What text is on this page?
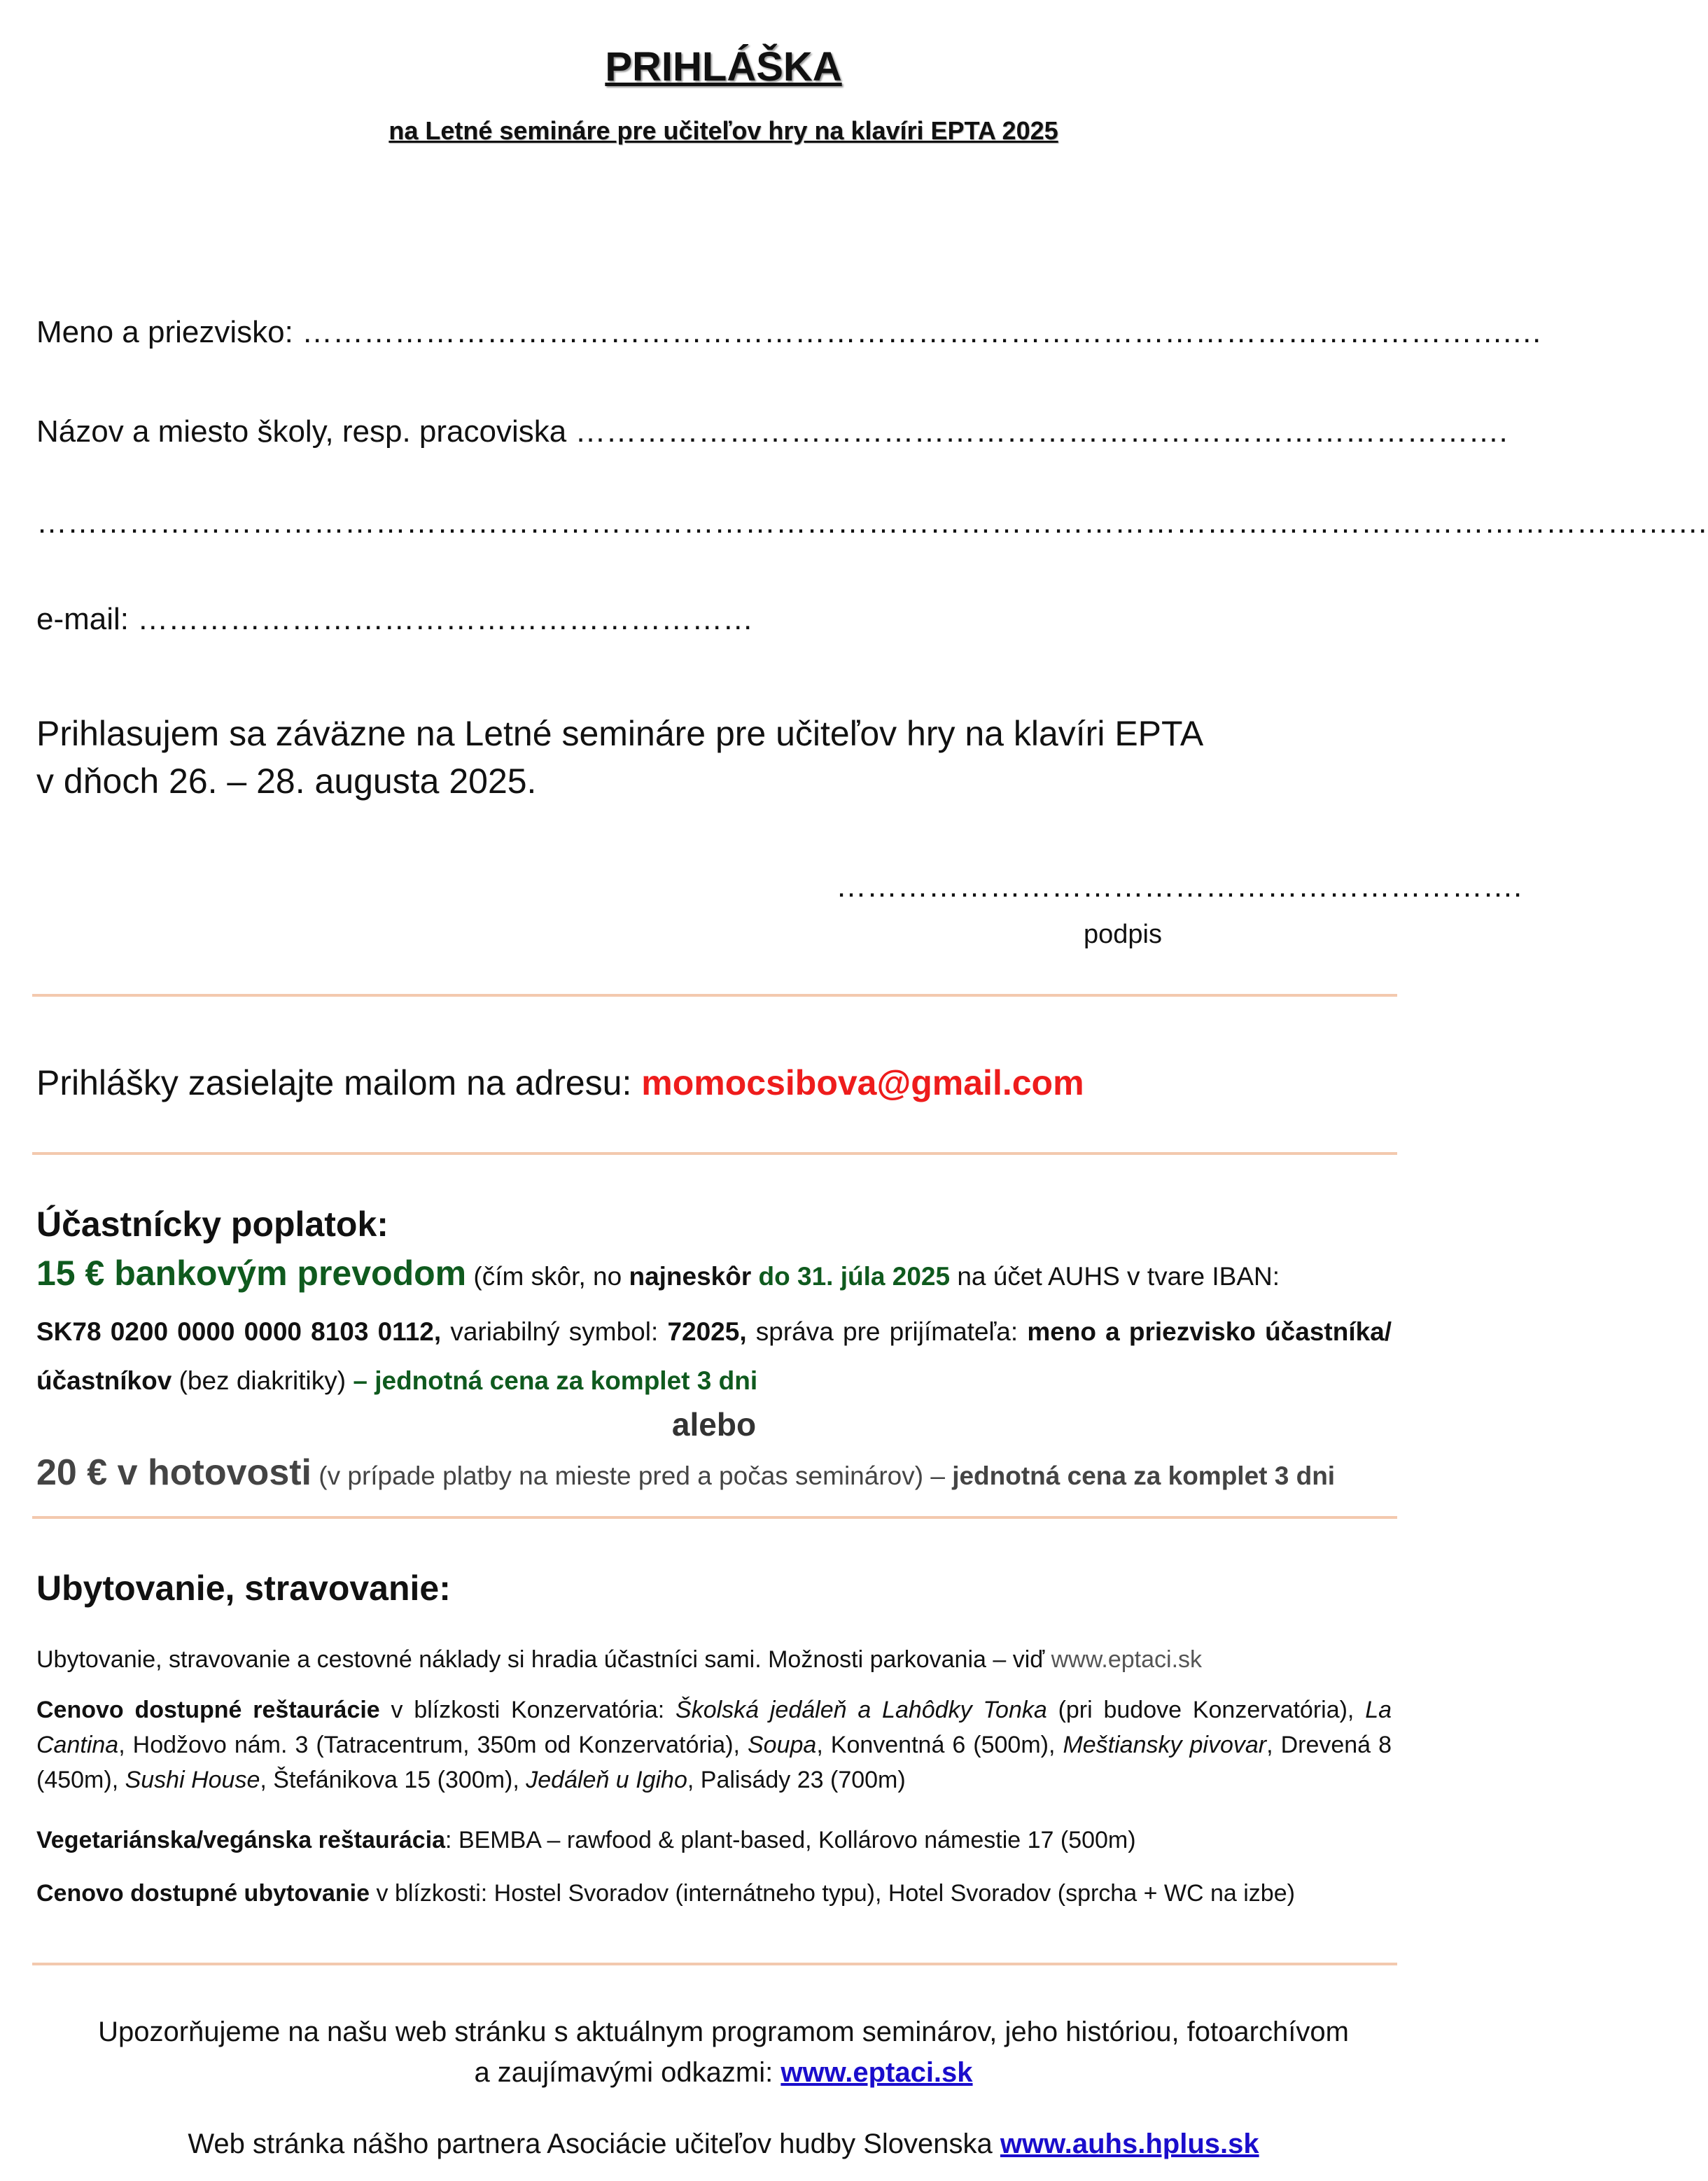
PRIHLÁŠKA
na Letné semináre pre učiteľov hry na klavíri EPTA 2025
Meno a priezvisko: ……………………………………………………………………………………………………….…
Názov a miesto školy, resp. pracoviska ……………………………………………………………………………….
…………………………………………………………………………………………………………………………………………….…
e-mail: ……………………………………………………
Prihlasujem sa záväzne na Letné semináre pre učiteľov hry na klavíri EPTA
v dňoch 26. – 28. augusta 2025.
………………………………………………………….
podpis
Prihlášky zasielajte mailom na adresu: momocsibova@gmail.com
Účastnícky poplatok:
15 € bankovým prevodom (čím skôr, no najneskôr do 31. júla 2025 na účet AUHS v tvare IBAN:
SK78 0200 0000 0000 8103 0112, variabilný symbol: 72025, správa pre prijímateľa: meno a priezvisko účastníka/účastníkov (bez diakritiky) – jednotná cena za komplet 3 dni
alebo
20 € v hotovosti (v prípade platby na mieste pred a počas seminárov) – jednotná cena za komplet 3 dni
Ubytovanie, stravovanie:
Ubytovanie, stravovanie a cestovné náklady si hradia účastníci sami. Možnosti parkovania – viď www.eptaci.sk
Cenovo dostupné reštaurácie v blízkosti Konzervatória: Školská jedáleň a Lahôdky Tonka (pri budove Konzervatória), La Cantina, Hodžovo nám. 3 (Tatracentrum, 350m od Konzervatória), Soupa, Konventná 6 (500m), Meštiansky pivovar, Drevená 8 (450m), Sushi House, Štefánikova 15 (300m), Jedáleň u Igiho, Palisády 23 (700m)
Vegetariánska/vegánska reštaurácia: BEMBA – rawfood & plant-based, Kollárovo námestie 17 (500m)
Cenovo dostupné ubytovanie v blízkosti: Hostel Svoradov (internátneho typu), Hotel Svoradov (sprcha + WC na izbe)
Upozorňujeme na našu web stránku s aktuálnym programom seminárov, jeho históriou, fotoarchívom
a zaujímavými odkazmi: www.eptaci.sk
Web stránka nášho partnera Asociácie učiteľov hudby Slovenska www.auhs.hplus.sk
